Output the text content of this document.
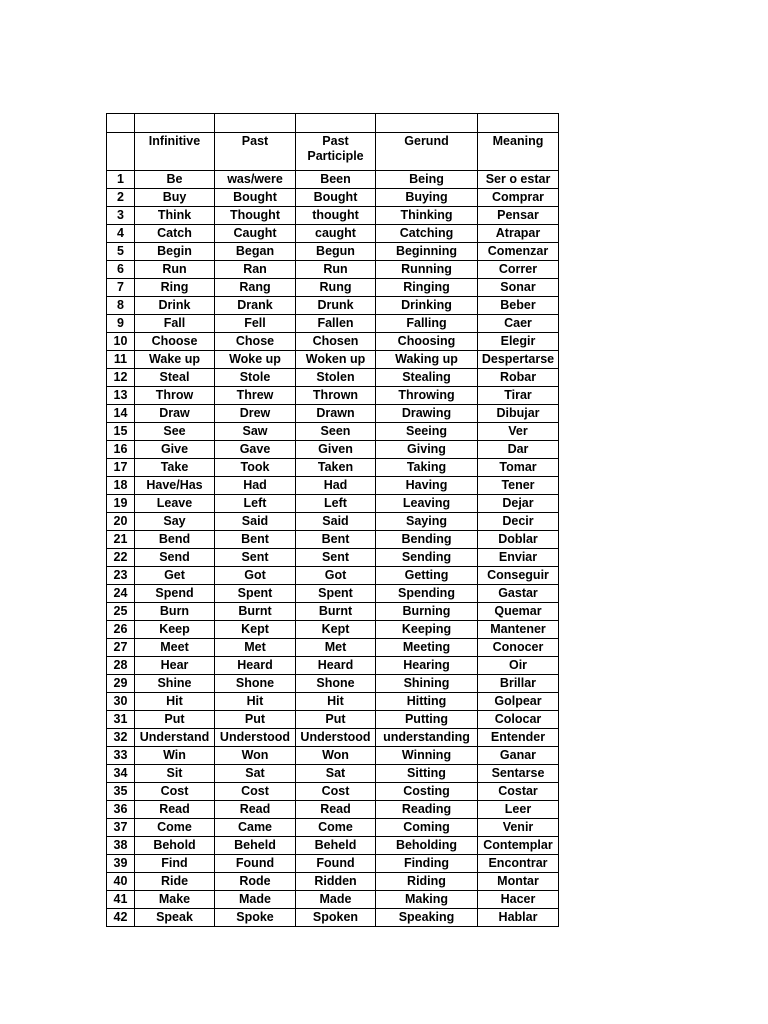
	Infinitive	Past	Past Participle	Gerund	Meaning
1	Be	was/were	Been	Being	Ser o estar
2	Buy	Bought	Bought	Buying	Comprar
3	Think	Thought	thought	Thinking	Pensar
4	Catch	Caught	caught	Catching	Atrapar
5	Begin	Began	Begun	Beginning	Comenzar
6	Run	Ran	Run	Running	Correr
7	Ring	Rang	Rung	Ringing	Sonar
8	Drink	Drank	Drunk	Drinking	Beber
9	Fall	Fell	Fallen	Falling	Caer
10	Choose	Chose	Chosen	Choosing	Elegir
11	Wake up	Woke up	Woken up	Waking up	Despertarse
12	Steal	Stole	Stolen	Stealing	Robar
13	Throw	Threw	Thrown	Throwing	Tirar
14	Draw	Drew	Drawn	Drawing	Dibujar
15	See	Saw	Seen	Seeing	Ver
16	Give	Gave	Given	Giving	Dar
17	Take	Took	Taken	Taking	Tomar
18	Have/Has	Had	Had	Having	Tener
19	Leave	Left	Left	Leaving	Dejar
20	Say	Said	Said	Saying	Decir
21	Bend	Bent	Bent	Bending	Doblar
22	Send	Sent	Sent	Sending	Enviar
23	Get	Got	Got	Getting	Conseguir
24	Spend	Spent	Spent	Spending	Gastar
25	Burn	Burnt	Burnt	Burning	Quemar
26	Keep	Kept	Kept	Keeping	Mantener
27	Meet	Met	Met	Meeting	Conocer
28	Hear	Heard	Heard	Hearing	Oir
29	Shine	Shone	Shone	Shining	Brillar
30	Hit	Hit	Hit	Hitting	Golpear
31	Put	Put	Put	Putting	Colocar
32	Understand	Understood	Understood	understanding	Entender
33	Win	Won	Won	Winning	Ganar
34	Sit	Sat	Sat	Sitting	Sentarse
35	Cost	Cost	Cost	Costing	Costar
36	Read	Read	Read	Reading	Leer
37	Come	Came	Come	Coming	Venir
38	Behold	Beheld	Beheld	Beholding	Contemplar
39	Find	Found	Found	Finding	Encontrar
40	Ride	Rode	Ridden	Riding	Montar
41	Make	Made	Made	Making	Hacer
42	Speak	Spoke	Spoken	Speaking	Hablar
